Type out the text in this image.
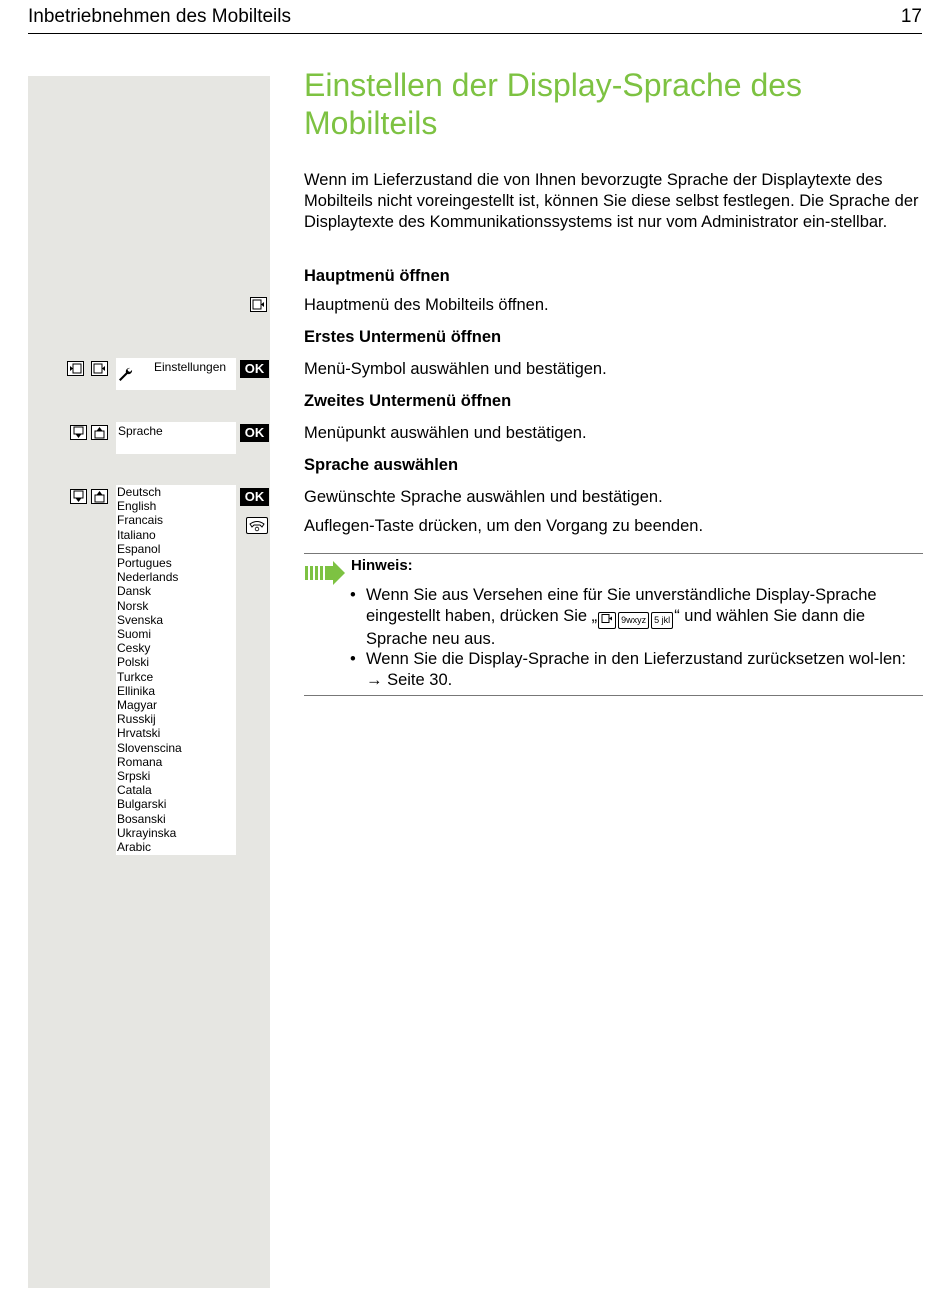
Inbetriebnehmen des Mobilteils	17
Einstellen der Display-Sprache des Mobilteils
Wenn im Lieferzustand die von Ihnen bevorzugte Sprache der Displaytexte des Mobilteils nicht voreingestellt ist, können Sie diese selbst festlegen. Die Sprache der Displaytexte des Kommunikationssystems ist nur vom Administrator ein-stellbar.
Hauptmenü öffnen
Hauptmenü des Mobilteils öffnen.
Erstes Untermenü öffnen
Einstellungen	OK Menü-Symbol auswählen und bestätigen.
Zweites Untermenü öffnen
Sprache	OK Menüpunkt auswählen und bestätigen.
Sprache auswählen
Deutsch
English
Francais
Italiano
Espanol
Portugues
Nederlands
Dansk
Norsk
Svenska
Suomi
Cesky
Polski
Turkce
Ellinika
Magyar
Russkij
Hrvatski
Slovenscina
Romana
Srpski
Catala
Bulgarski
Bosanski
Ukrayinska
Arabic
OK Gewünschte Sprache auswählen und bestätigen.
Auflegen-Taste drücken, um den Vorgang zu beenden.
Hinweis:
• Wenn Sie aus Versehen eine für Sie unverständliche Display-Sprache eingestellt haben, drücken Sie „	9wxyz 5 jkl “ und wählen Sie dann die Sprache neu aus.
• Wenn Sie die Display-Sprache in den Lieferzustand zurücksetzen wol-len: → Seite 30.
